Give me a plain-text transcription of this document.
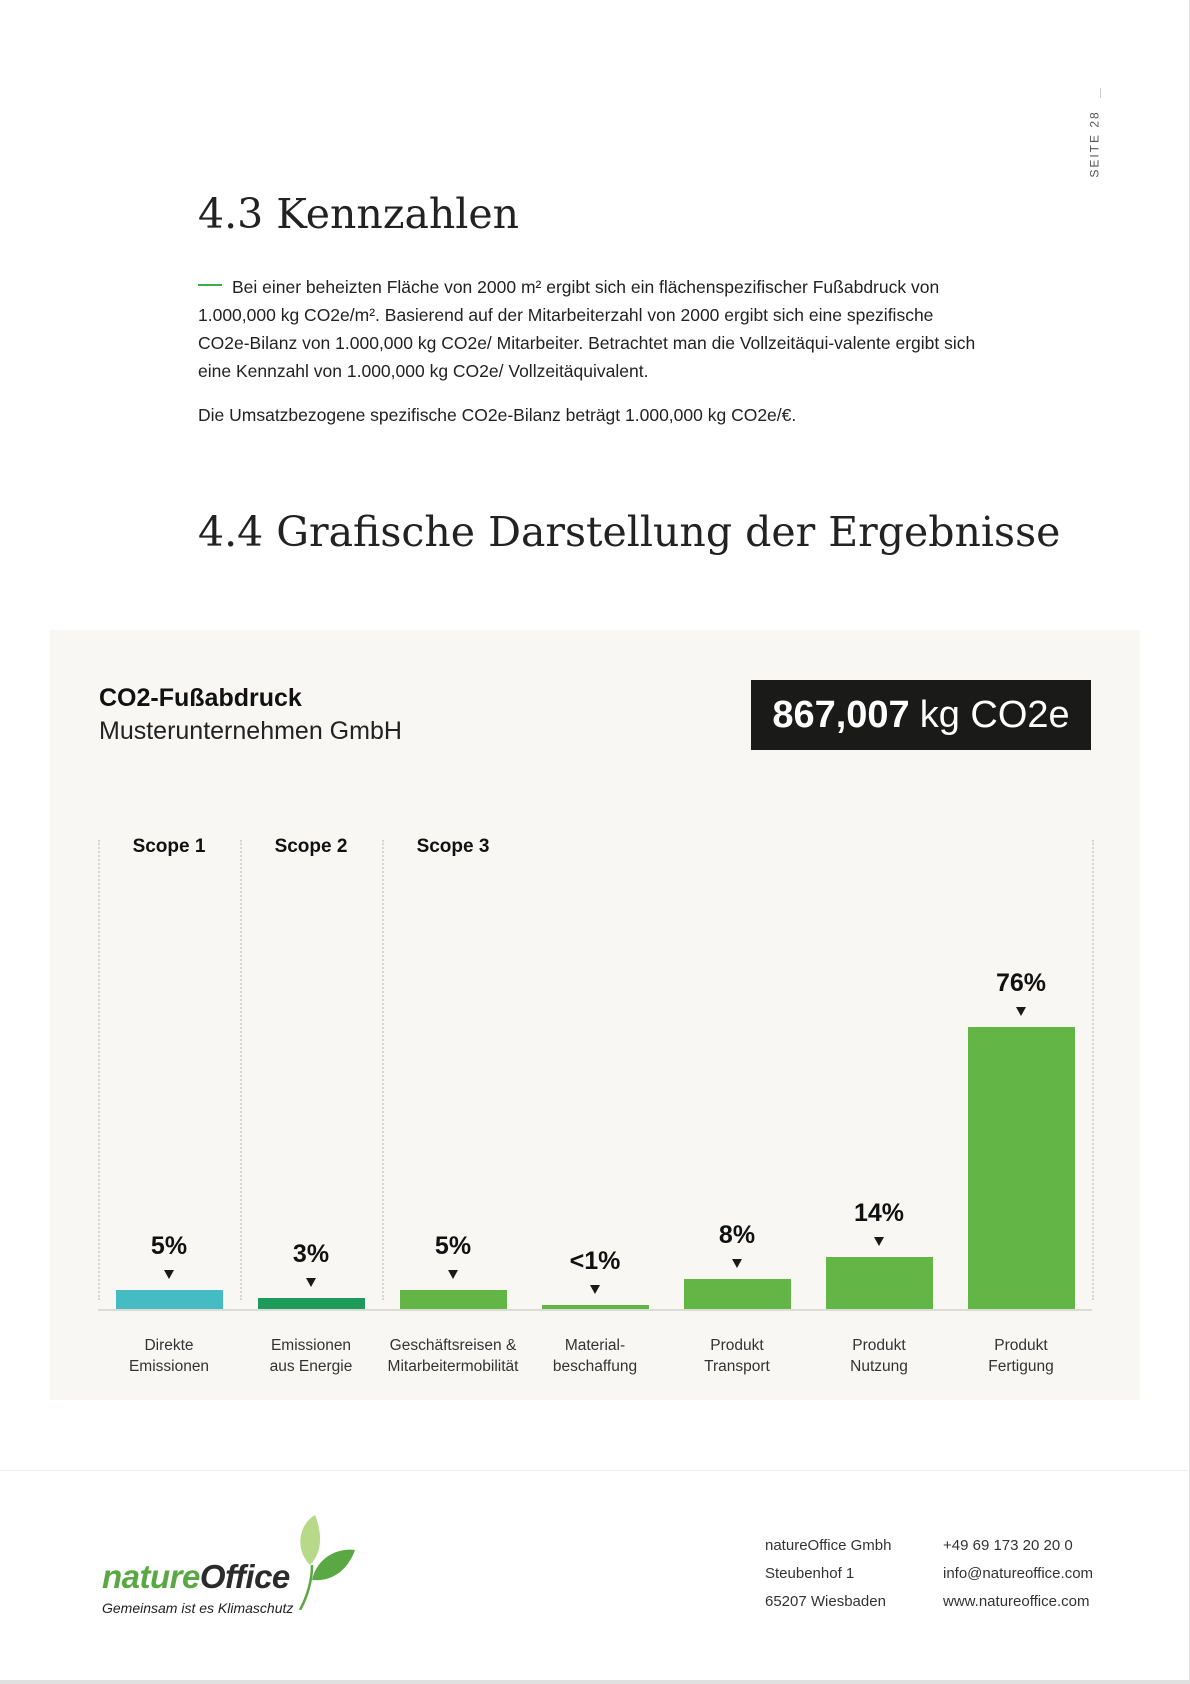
SEITE 28
4.3 Kennzahlen

Bei einer beheizten Fläche von 2000 m² ergibt sich ein flächenspezifischer Fußabdruck von 1.000,000 kg CO2e/m². Basierend auf der Mitarbeiterzahl von 2000 ergibt sich eine spezifische CO2e-Bilanz von 1.000,000 kg CO2e/ Mitarbeiter. Betrachtet man die Vollzeitäqui-valente ergibt sich eine Kennzahl von 1.000,000 kg CO2e/ Vollzeitäquivalent.

Die Umsatzbezogene spezifische CO2e-Bilanz beträgt 1.000,000 kg CO2e/€.

4.4 Grafische Darstellung der Ergebnisse
CO2-Fußabdruck
Musterunternehmen GmbH	867,007 kg CO2e
Scope 1	Scope 2	Scope 3
5%
Direkte
Emissionen
3%
Emissionen
aus Energie
5%
Geschäftsreisen &
Mitarbeitermobilität
<1%
Material-
beschaffung
8%
Produkt
Transport
14%
Produkt
Nutzung
76%
Produkt
Fertigung
natureOffice
Gemeinsam ist es Klimaschutz
natureOffice Gmbh
Steubenhof 1
65207 Wiesbaden
+49 69 173 20 20 0
info@natureoffice.com
www.natureoffice.com
